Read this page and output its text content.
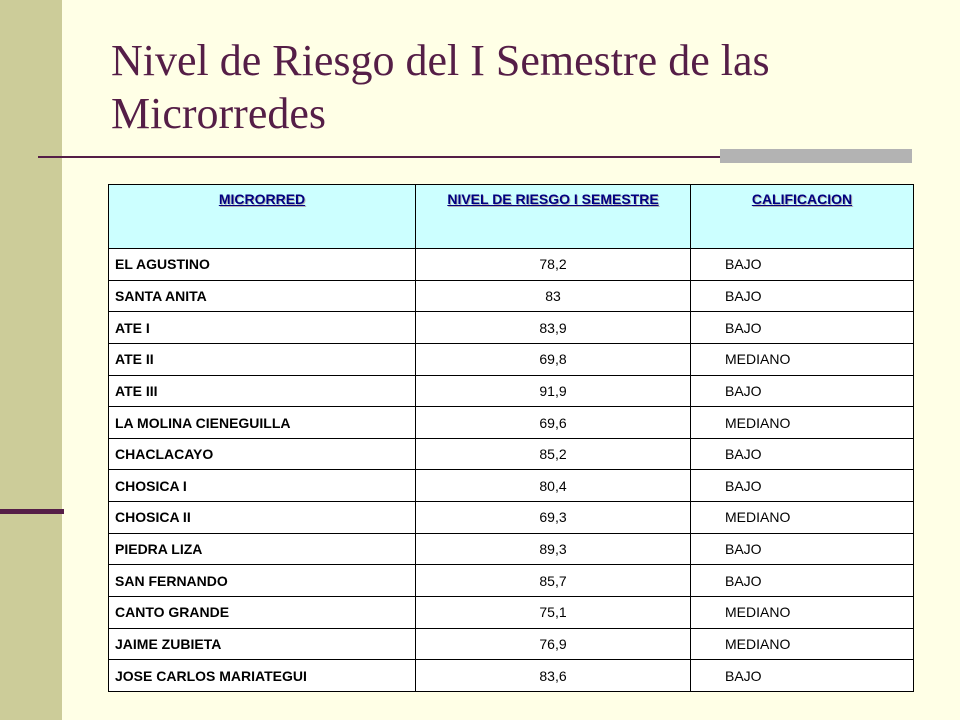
Nivel de Riesgo del I Semestre de las Microrredes
MICRORRED	NIVEL DE RIESGO I SEMESTRE	CALIFICACION
EL AGUSTINO	78,2	BAJO
SANTA ANITA	83	BAJO
ATE I	83,9	BAJO
ATE II	69,8	MEDIANO
ATE III	91,9	BAJO
LA MOLINA CIENEGUILLA	69,6	MEDIANO
CHACLACAYO	85,2	BAJO
CHOSICA I	80,4	BAJO
CHOSICA II	69,3	MEDIANO
PIEDRA LIZA	89,3	BAJO
SAN FERNANDO	85,7	BAJO
CANTO GRANDE	75,1	MEDIANO
JAIME ZUBIETA	76,9	MEDIANO
JOSE CARLOS MARIATEGUI	83,6	BAJO
